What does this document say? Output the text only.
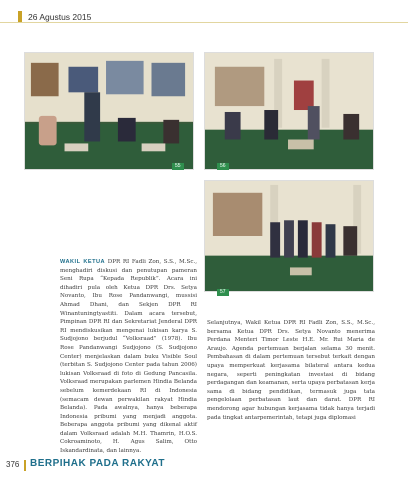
26 Agustus 2015
55	56
57

WAKIL KETUA DPR RI Fadli Zon, S.S., M.Sc., menghadiri diskusi dan penutupan pameran Seni Rupa “Kepada Republik”. Acara ini dihadiri pula oleh Ketua DPR Drs. Setya Novanto, Ibu Rose Pandanwangi, mussisi Ahmad Dhani, dan Sekjen DPR RI Winantuningtyastiti. Dalam acara tersebut, Pimpinan DPR RI dan Sekretariat Jenderal DPR RI mendiskusikan mengenai lukisan karya S. Sudjojono berjudul “Volksraad” (1978). Ibu Rose Pandanwangi Sudjojono (S. Sudjojono Center) menjelaskan dalam buku Visible Soul (terbitan S. Sudjojono Center pada tahun 2006) lukisan Volksraad di foto di Gedung Pancasila. Volksraad merupakan parlemen Hindia Belanda sebelum kemerdekaan RI di Indonesia (semacam dewan perwakilan rakyat Hindia Belanda). Pada awalnya, hanya beberapa Indonesia pribumi yang menjadi anggota. Beberapa anggota pribumi yang dikenal aktif dalam Volksraad adalah M.H. Thamrin, H.O.S. Cokroaminoto, H. Agus Salim, Otto Iskandardinata, dan lainnya.

Selanjutnya, Wakil Ketua DPR RI Fadli Zon, S.S., M.Sc., bersama Ketua DPR Drs. Setya Novanto menerima Perdana Menteri Timor Leste H.E. Mr. Rui Maria de Araujo. Agenda pertemuan berjalan selama 30 menit. Pembahasan di dalam pertemuan tersebut terkait dengan upaya memperkuat kerjasama bilateral antara kedua negara, seperti peningkatan investasi di bidang perdagangan dan keamanan, serta upaya perbatasan kerja sama di bidang pendidikan, termasuk juga tata pengelolaan perbatasan laut dan darat. DPR RI mendorong agar hubungan kerjasama tidak hanya terjadi pada tingkat antarpemerintah, tetapi juga diplomasi

376 BERPIHAK PADA RAKYAT
